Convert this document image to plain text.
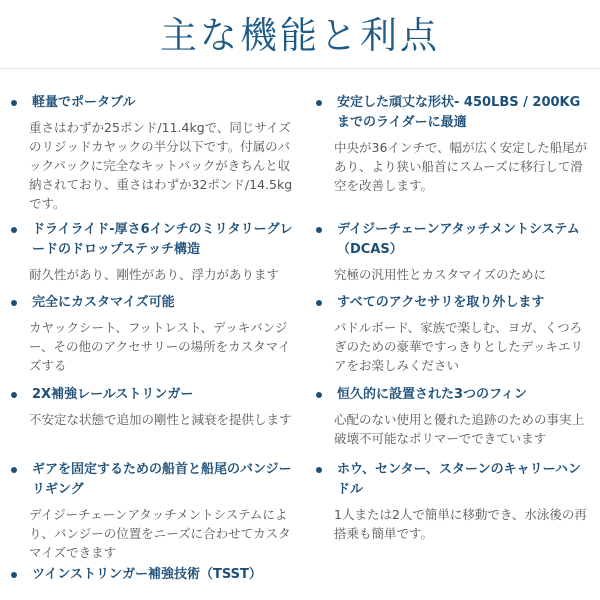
主な機能と利点
軽量でポータブル
重さはわずか25ポンド/11.4kgで、同じサイズのリジッドカヤックの半分以下です。付属のバックパックに完全なキットパックがきちんと収納されており、重さはわずか32ポンド/14.5kgです。
ドライライド-厚さ6インチのミリタリーグレードのドロップステッチ構造
耐久性があり、剛性があり、浮力があります
完全にカスタマイズ可能
カヤックシート、フットレスト、デッキバンジー、その他のアクセサリーの場所をカスタマイズする
2X補強レールストリンガー
不安定な状態で追加の剛性と減衰を提供します
ギアを固定するための船首と船尾のバンジーリギング
デイジーチェーンアタッチメントシステムにより、バンジーの位置をニーズに合わせてカスタマイズできます
ツインストリンガー補強技術（TSST）
安定した頑丈な形状- 450LBS / 200KGまでのライダーに最適
中央が36インチで、幅が広く安定した船尾があり、より狭い船首にスムーズに移行して滑空を改善します。
デイジーチェーンアタッチメントシステム（DCAS）
究極の汎用性とカスタマイズのために
すべてのアクセサリを取り外します
パドルボード、家族で楽しむ、ヨガ、くつろぎのための豪華ですっきりとしたデッキエリアをお楽しみください
恒久的に設置された3つのフィン
心配のない使用と優れた追跡のための事実上破壊不可能なポリマーでできています
ホウ、センター、スターンのキャリーハンドル
1人または2人で簡単に移動でき、水泳後の再搭乗も簡単です。
